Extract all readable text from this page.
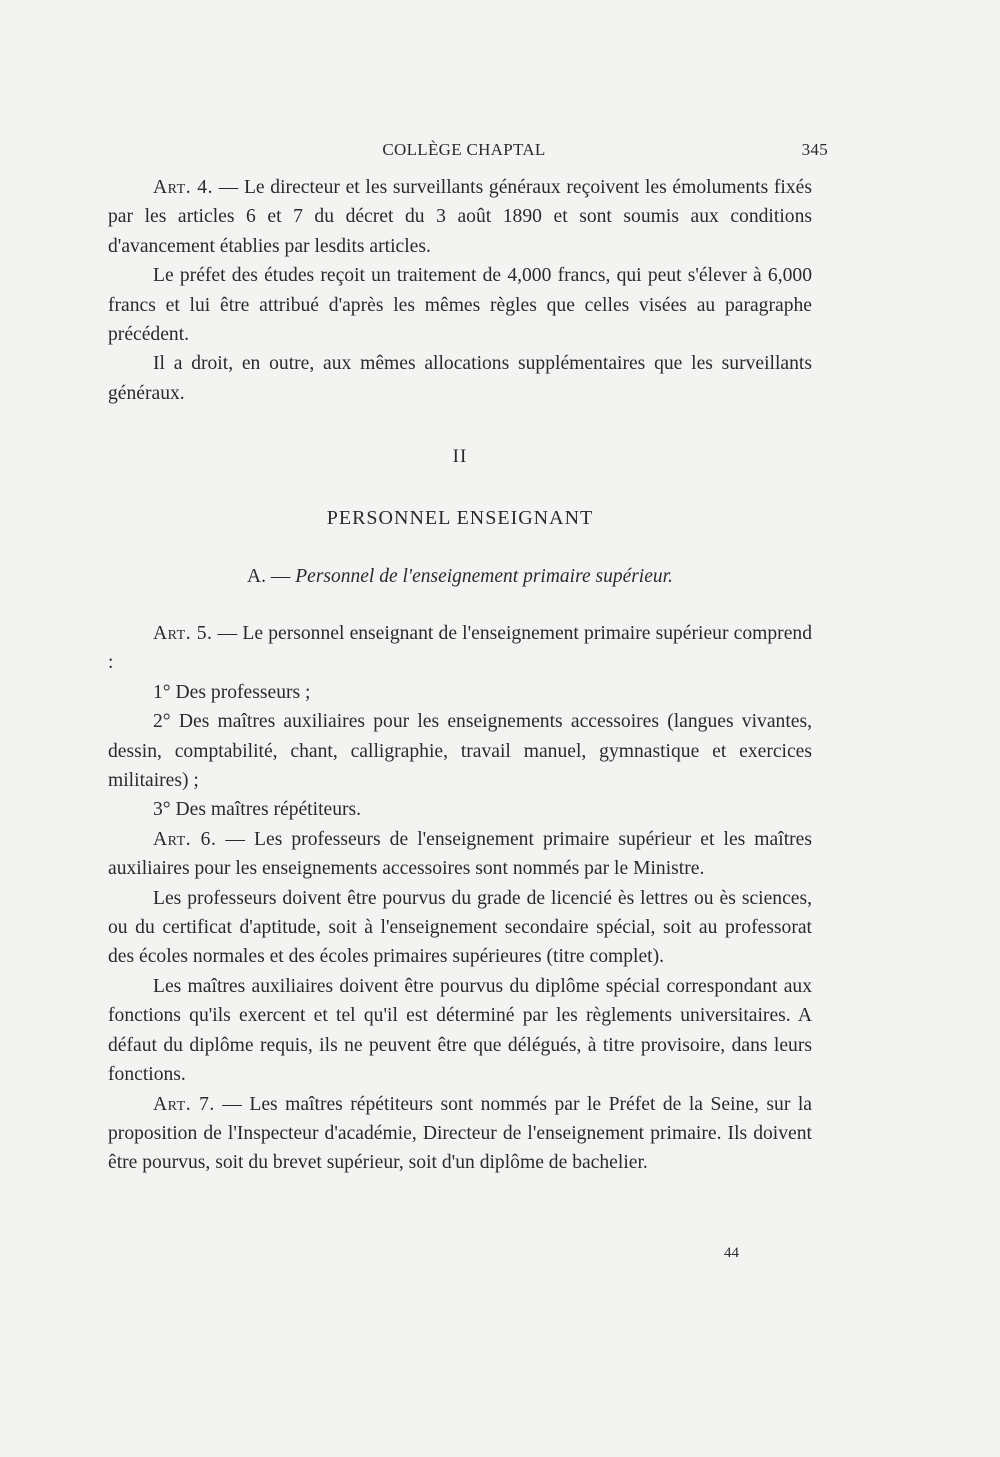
COLLÈGE CHAPTAL	345

Art. 4. — Le directeur et les surveillants généraux reçoivent les émoluments fixés par les articles 6 et 7 du décret du 3 août 1890 et sont soumis aux conditions d'avancement établies par lesdits articles.

Le préfet des études reçoit un traitement de 4,000 francs, qui peut s'élever à 6,000 francs et lui être attribué d'après les mêmes règles que celles visées au paragraphe précédent.

Il a droit, en outre, aux mêmes allocations supplémentaires que les surveillants généraux.

II
PERSONNEL ENSEIGNANT
A. — Personnel de l'enseignement primaire supérieur.

Art. 5. — Le personnel enseignant de l'enseignement primaire supérieur comprend :

1° Des professeurs ;

2° Des maîtres auxiliaires pour les enseignements accessoires (langues vivantes, dessin, comptabilité, chant, calligraphie, travail manuel, gymnastique et exercices militaires) ;

3° Des maîtres répétiteurs.

Art. 6. — Les professeurs de l'enseignement primaire supérieur et les maîtres auxiliaires pour les enseignements accessoires sont nommés par le Ministre.

Les professeurs doivent être pourvus du grade de licencié ès lettres ou ès sciences, ou du certificat d'aptitude, soit à l'enseignement secondaire spécial, soit au professorat des écoles normales et des écoles primaires supérieures (titre complet).

Les maîtres auxiliaires doivent être pourvus du diplôme spécial correspondant aux fonctions qu'ils exercent et tel qu'il est déterminé par les règlements universitaires. A défaut du diplôme requis, ils ne peuvent être que délégués, à titre provisoire, dans leurs fonctions.

Art. 7. — Les maîtres répétiteurs sont nommés par le Préfet de la Seine, sur la proposition de l'Inspecteur d'académie, Directeur de l'enseignement primaire. Ils doivent être pourvus, soit du brevet supérieur, soit d'un diplôme de bachelier.

44
